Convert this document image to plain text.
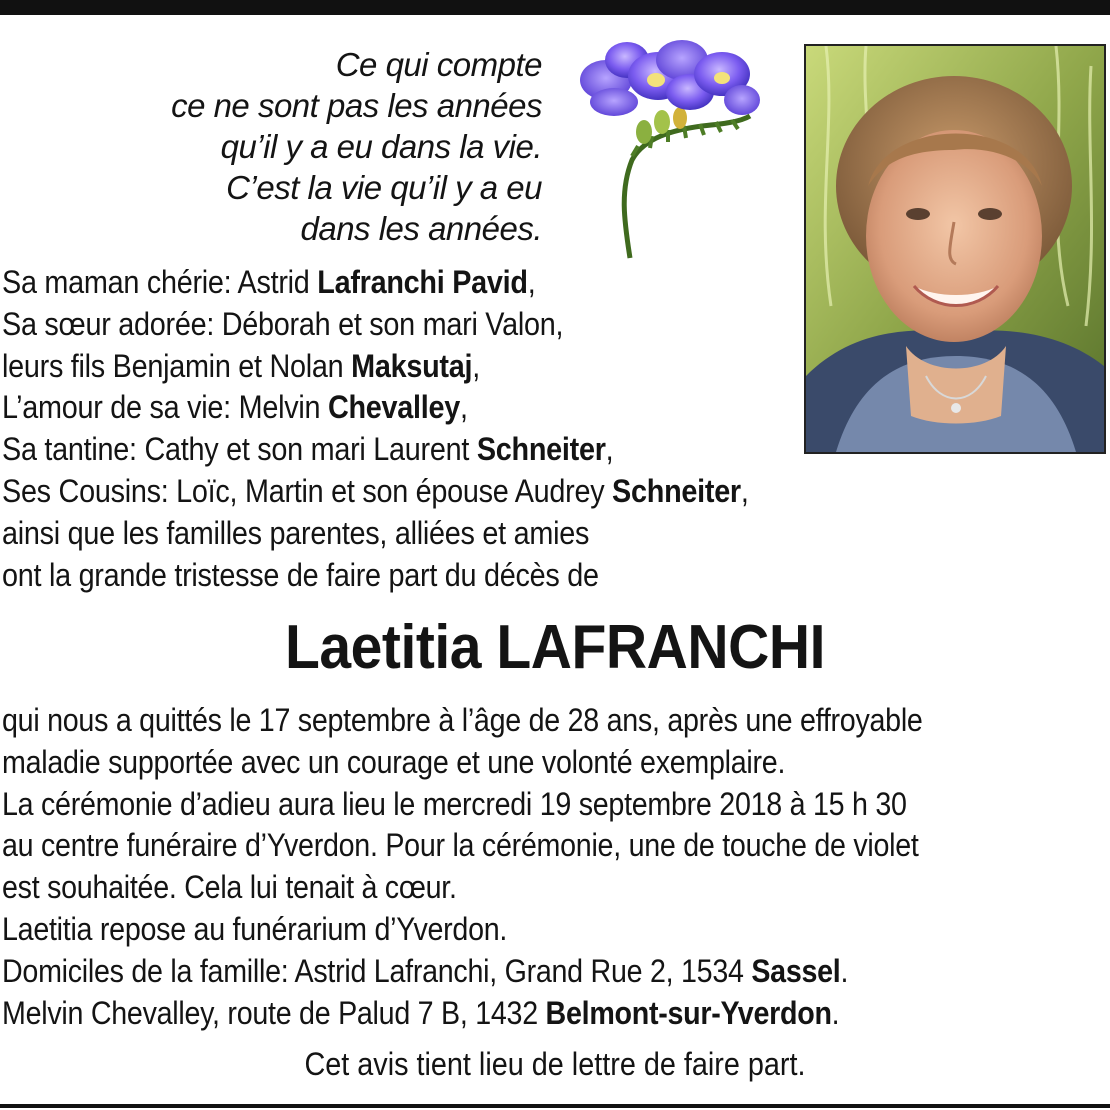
Ce qui compte
ce ne sont pas les années
qu’il y a eu dans la vie.
C’est la vie qu’il y a eu
dans les années.
Sa maman chérie: Astrid Lafranchi Pavid,
Sa sœur adorée: Déborah et son mari Valon,
leurs fils Benjamin et Nolan Maksutaj,
L’amour de sa vie: Melvin Chevalley,
Sa tantine: Cathy et son mari Laurent Schneiter,
Ses Cousins: Loïc, Martin et son épouse Audrey Schneiter,
ainsi que les familles parentes, alliées et amies
ont la grande tristesse de faire part du décès de
Laetitia LAFRANCHI
qui nous a quittés le 17 septembre à l’âge de 28 ans, après une effroyable
maladie supportée avec un courage et une volonté exemplaire.
La cérémonie d’adieu aura lieu le mercredi 19 septembre 2018 à 15 h 30
au centre funéraire d’Yverdon. Pour la cérémonie, une de touche de violet
est souhaitée. Cela lui tenait à cœur.
Laetitia repose au funérarium d’Yverdon.
Domiciles de la famille: Astrid Lafranchi, Grand Rue 2, 1534 Sassel.
Melvin Chevalley, route de Palud 7 B, 1432 Belmont-sur-Yverdon.
Cet avis tient lieu de lettre de faire part.
